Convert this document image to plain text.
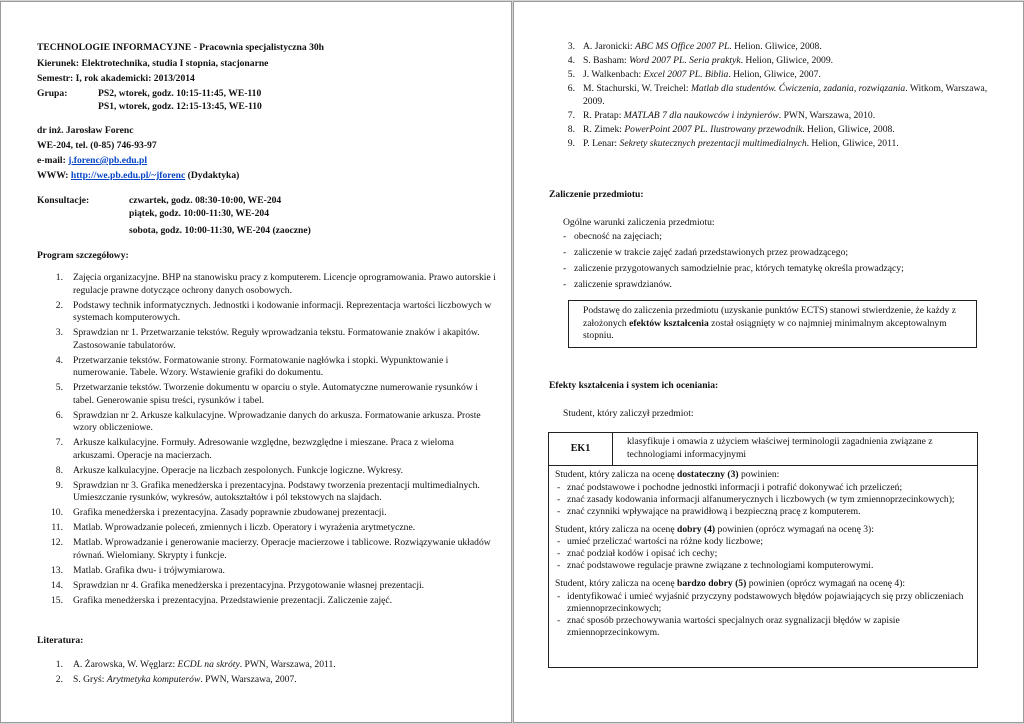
TECHNOLOGIE INFORMACYJNE - Pracownia specjalistyczna 30h
Kierunek: Elektrotechnika, studia I stopnia, stacjonarne
Semestr: I, rok akademicki: 2013/2014
Grupa:	PS2, wtorek, godz. 10:15-11:45, WE-110
PS1, wtorek, godz. 12:15-13:45, WE-110
dr inż. Jarosław Forenc
WE-204, tel. (0-85) 746-93-97
e-mail: j.forenc@pb.edu.pl
WWW: http://we.pb.edu.pl/~jforenc (Dydaktyka)
Konsultacje:	czwartek, godz. 08:30-10:00, WE-204
piątek, godz. 10:00-11:30, WE-204
sobota, godz. 10:00-11:30, WE-204 (zaoczne)
Program szczegółowy:
1. Zajęcia organizacyjne. BHP na stanowisku pracy z komputerem. Licencje oprogramowania. Prawo autorskie i regulacje prawne dotyczące ochrony danych osobowych.
2. Podstawy technik informatycznych. Jednostki i kodowanie informacji. Reprezentacja wartości liczbowych w systemach komputerowych.
3. Sprawdzian nr 1. Przetwarzanie tekstów. Reguły wprowadzania tekstu. Formatowanie znaków i akapitów. Zastosowanie tabulatorów.
4. Przetwarzanie tekstów. Formatowanie strony. Formatowanie nagłówka i stopki. Wypunktowanie i numerowanie. Tabele. Wzory. Wstawienie grafiki do dokumentu.
5. Przetwarzanie tekstów. Tworzenie dokumentu w oparciu o style. Automatyczne numerowanie rysunków i tabel. Generowanie spisu treści, rysunków i tabel.
6. Sprawdzian nr 2. Arkusze kalkulacyjne. Wprowadzanie danych do arkusza. Formatowanie arkusza. Proste wzory obliczeniowe.
7. Arkusze kalkulacyjne. Formuły. Adresowanie względne, bezwzględne i mieszane. Praca z wieloma arkuszami. Operacje na macierzach.
8. Arkusze kalkulacyjne. Operacje na liczbach zespolonych. Funkcje logiczne. Wykresy.
9. Sprawdzian nr 3. Grafika menedżerska i prezentacyjna. Podstawy tworzenia prezentacji multimedialnych. Umieszczanie rysunków, wykresów, autokształtów i pól tekstowych na slajdach.
10. Grafika menedżerska i prezentacyjna. Zasady poprawnie zbudowanej prezentacji.
11. Matlab. Wprowadzanie poleceń, zmiennych i liczb. Operatory i wyrażenia arytmetyczne.
12. Matlab. Wprowadzanie i generowanie macierzy. Operacje macierzowe i tablicowe. Rozwiązywanie układów równań. Wielomiany. Skrypty i funkcje.
13. Matlab. Grafika dwu- i trójwymiarowa.
14. Sprawdzian nr 4. Grafika menedżerska i prezentacyjna. Przygotowanie własnej prezentacji.
15. Grafika menedżerska i prezentacyjna. Przedstawienie prezentacji. Zaliczenie zajęć.
Literatura:
1. A. Żarowska, W. Węglarz: ECDL na skróty. PWN, Warszawa, 2011.
2. S. Gryś: Arytmetyka komputerów. PWN, Warszawa, 2007.
3. A. Jaronicki: ABC MS Office 2007 PL. Helion. Gliwice, 2008.
4. S. Basham: Word 2007 PL. Seria praktyk. Helion, Gliwice, 2009.
5. J. Walkenbach: Excel 2007 PL. Biblia. Helion, Gliwice, 2007.
6. M. Stachurski, W. Treichel: Matlab dla studentów. Ćwiczenia, zadania, rozwiązania. Witkom, Warszawa, 2009.
7. R. Pratap: MATLAB 7 dla naukowców i inżynierów. PWN, Warszawa, 2010.
8. R. Zimek: PowerPoint 2007 PL. Ilustrowany przewodnik. Helion, Gliwice, 2008.
9. P. Lenar: Sekrety skutecznych prezentacji multimedialnych. Helion, Gliwice, 2011.
Zaliczenie przedmiotu:
Ogólne warunki zaliczenia przedmiotu:
- obecność na zajęciach;
- zaliczenie w trakcie zajęć zadań przedstawionych przez prowadzącego;
- zaliczenie przygotowanych samodzielnie prac, których tematykę określa prowadzący;
- zaliczenie sprawdzianów.
Podstawę do zaliczenia przedmiotu (uzyskanie punktów ECTS) stanowi stwierdzenie, że każdy z założonych efektów kształcenia został osiągnięty w co najmniej minimalnym akceptowalnym stopniu.
Efekty kształcenia i system ich oceniania:
Student, który zaliczył przedmiot:
EK1
klasyfikuje i omawia z użyciem właściwej terminologii zagadnienia związane z technologiami informacyjnymi

Student, który zalicza na ocenę dostateczny (3) powinien:

- znać podstawowe i pochodne jednostki informacji i potrafić dokonywać ich przeliczeń;
- znać zasady kodowania informacji alfanumerycznych i liczbowych (w tym zmiennoprzecinkowych);
- znać czynniki wpływające na prawidłową i bezpieczną pracę z komputerem.

Student, który zalicza na ocenę dobry (4) powinien (oprócz wymagań na ocenę 3):

- umieć przeliczać wartości na różne kody liczbowe;
- znać podział kodów i opisać ich cechy;
- znać podstawowe regulacje prawne związane z technologiami komputerowymi.

Student, który zalicza na ocenę bardzo dobry (5) powinien (oprócz wymagań na ocenę 4):

- identyfikować i umieć wyjaśnić przyczyny podstawowych błędów pojawiających się przy obliczeniach zmiennoprzecinkowych;
- znać sposób przechowywania wartości specjalnych oraz sygnalizacji błędów w zapisie zmiennoprzecinkowym.
